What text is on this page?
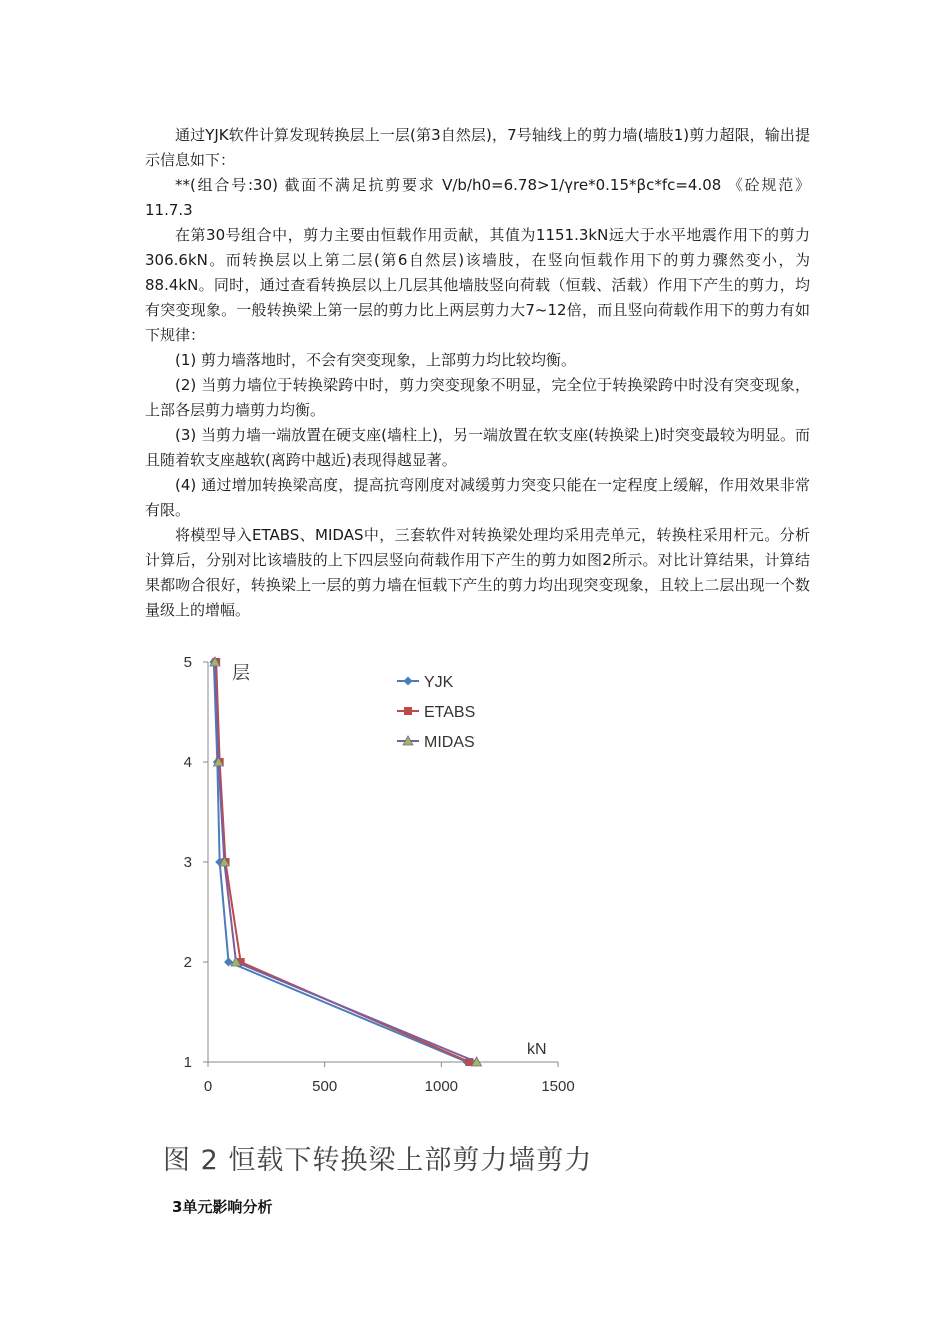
通过YJK软件计算发现转换层上一层(第3自然层)，7号轴线上的剪力墙(墙肢1)剪力超限，输出提示信息如下：

**(组合号:30) 截面不满足抗剪要求 V/b/h0=6.78>1/γre*0.15*βc*fc=4.08 《砼规范》11.7.3

在第30号组合中，剪力主要由恒载作用贡献，其值为1151.3kN远大于水平地震作用下的剪力306.6kN。而转换层以上第二层(第6自然层)该墙肢，在竖向恒载作用下的剪力骤然变小，为88.4kN。同时，通过查看转换层以上几层其他墙肢竖向荷载（恒载、活载）作用下产生的剪力，均有突变现象。一般转换梁上第一层的剪力比上两层剪力大7~12倍，而且竖向荷载作用下的剪力有如下规律：

(1) 剪力墙落地时，不会有突变现象，上部剪力均比较均衡。

(2) 当剪力墙位于转换梁跨中时，剪力突变现象不明显，完全位于转换梁跨中时没有突变现象，上部各层剪力墙剪力均衡。

(3) 当剪力墙一端放置在硬支座(墙柱上)，另一端放置在软支座(转换梁上)时突变最较为明显。而且随着软支座越软(离跨中越近)表现得越显著。

(4) 通过增加转换梁高度，提高抗弯刚度对减缓剪力突变只能在一定程度上缓解，作用效果非常有限。

将模型导入ETABS、MIDAS中，三套软件对转换梁处理均采用壳单元，转换柱采用杆元。分析计算后，分别对比该墙肢的上下四层竖向荷载作用下产生的剪力如图2所示。对比计算结果，计算结果都吻合很好，转换梁上一层的剪力墙在恒载下产生的剪力均出现突变现象，且较上二层出现一个数量级上的增幅。

0	500	1000	1500
1
2
3
4
5
层
kN
YJK
ETABS
MIDAS
图 2 恒载下转换梁上部剪力墙剪力
3单元影响分析
